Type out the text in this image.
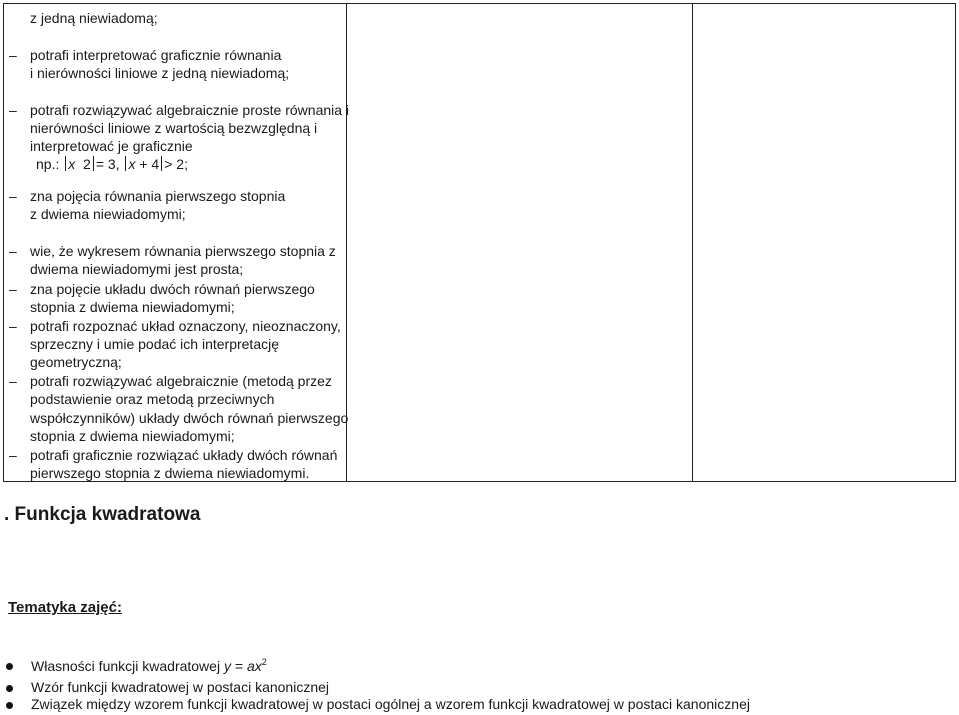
z jedną niewiadomą;
– potrafi interpretować graficznie równania
i nierówności liniowe z jedną niewiadomą;
– potrafi rozwiązywać algebraicznie proste równania i
nierówności liniowe z wartością bezwzględną i
interpretować je graficznie
– zna pojęcia równania pierwszego stopnia
z dwiema niewiadomymi;
– wie, że wykresem równania pierwszego stopnia z
dwiema niewiadomymi jest prosta;
– zna pojęcie układu dwóch równań pierwszego
stopnia z dwiema niewiadomymi;
– potrafi rozpoznać układ oznaczony, nieoznaczony,
sprzeczny i umie podać ich interpretację
geometryczną;
– potrafi rozwiązywać algebraicznie (metodą przez
podstawienie oraz metodą przeciwnych
współczynników) układy dwóch równań pierwszego
stopnia z dwiema niewiadomymi;
– potrafi graficznie rozwiązać układy dwóch równań
pierwszego stopnia z dwiema niewiadomymi.
np.: x 2 = 3, x + 4 > 2;
. Funkcja kwadratowa
Tematyka zajęć:
Własności funkcji kwadratowej $y = ax^2$
Wzór funkcji kwadratowej w postaci kanonicznej
Związek między wzorem funkcji kwadratowej w postaci ogólnej a wzorem funkcji kwadratowej w postaci kanonicznej
